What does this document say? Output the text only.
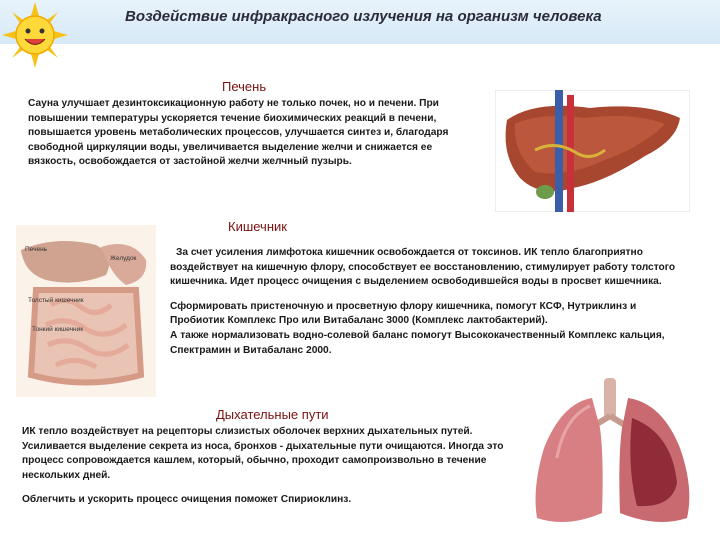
Воздействие инфракрасного излучения на организм человека
Печень

Сауна улучшает дезинтоксикационную работу не только почек, но и печени. При повышении температуры ускоряется течение биохимических реакций в печени, повышается уровень метаболических процессов, улучшается синтез и, благодаря свободной циркуляции воды, увеличивается выделение желчи и снижается ее вязкость, освобождается от застойной желчи желчный пузырь.

Кишечник
Печень
Желудок
Толстый кишечник
Тонкий кишечник

За счет усиления лимфотока кишечник освобождается от токсинов. ИК тепло благоприятно воздействует на кишечную флору, способствует ее восстановлению, стимулирует работу толстого кишечника. Идет процесс очищения с выделением освободившейся воды в просвет кишечника.

Сформировать пристеночную и просветную флору кишечника, помогут КСФ, Нутриклинз и Пробиотик Комплекс Про или Витабаланс 3000 (Комплекс лактобактерий).

А также нормализовать водно-солевой баланс помогут Высококачественный Комплекс кальция, Спектрамин и Витабаланс 2000.

Дыхательные пути

ИК тепло воздействует на рецепторы слизистых оболочек верхних дыхательных путей. Усиливается выделение секрета из носа, бронхов - дыхательные пути очищаются. Иногда это процесс сопровождается кашлем, который, обычно, проходит самопроизвольно в течение нескольких дней.

Облегчить и ускорить процесс очищения поможет Спириоклинз.
